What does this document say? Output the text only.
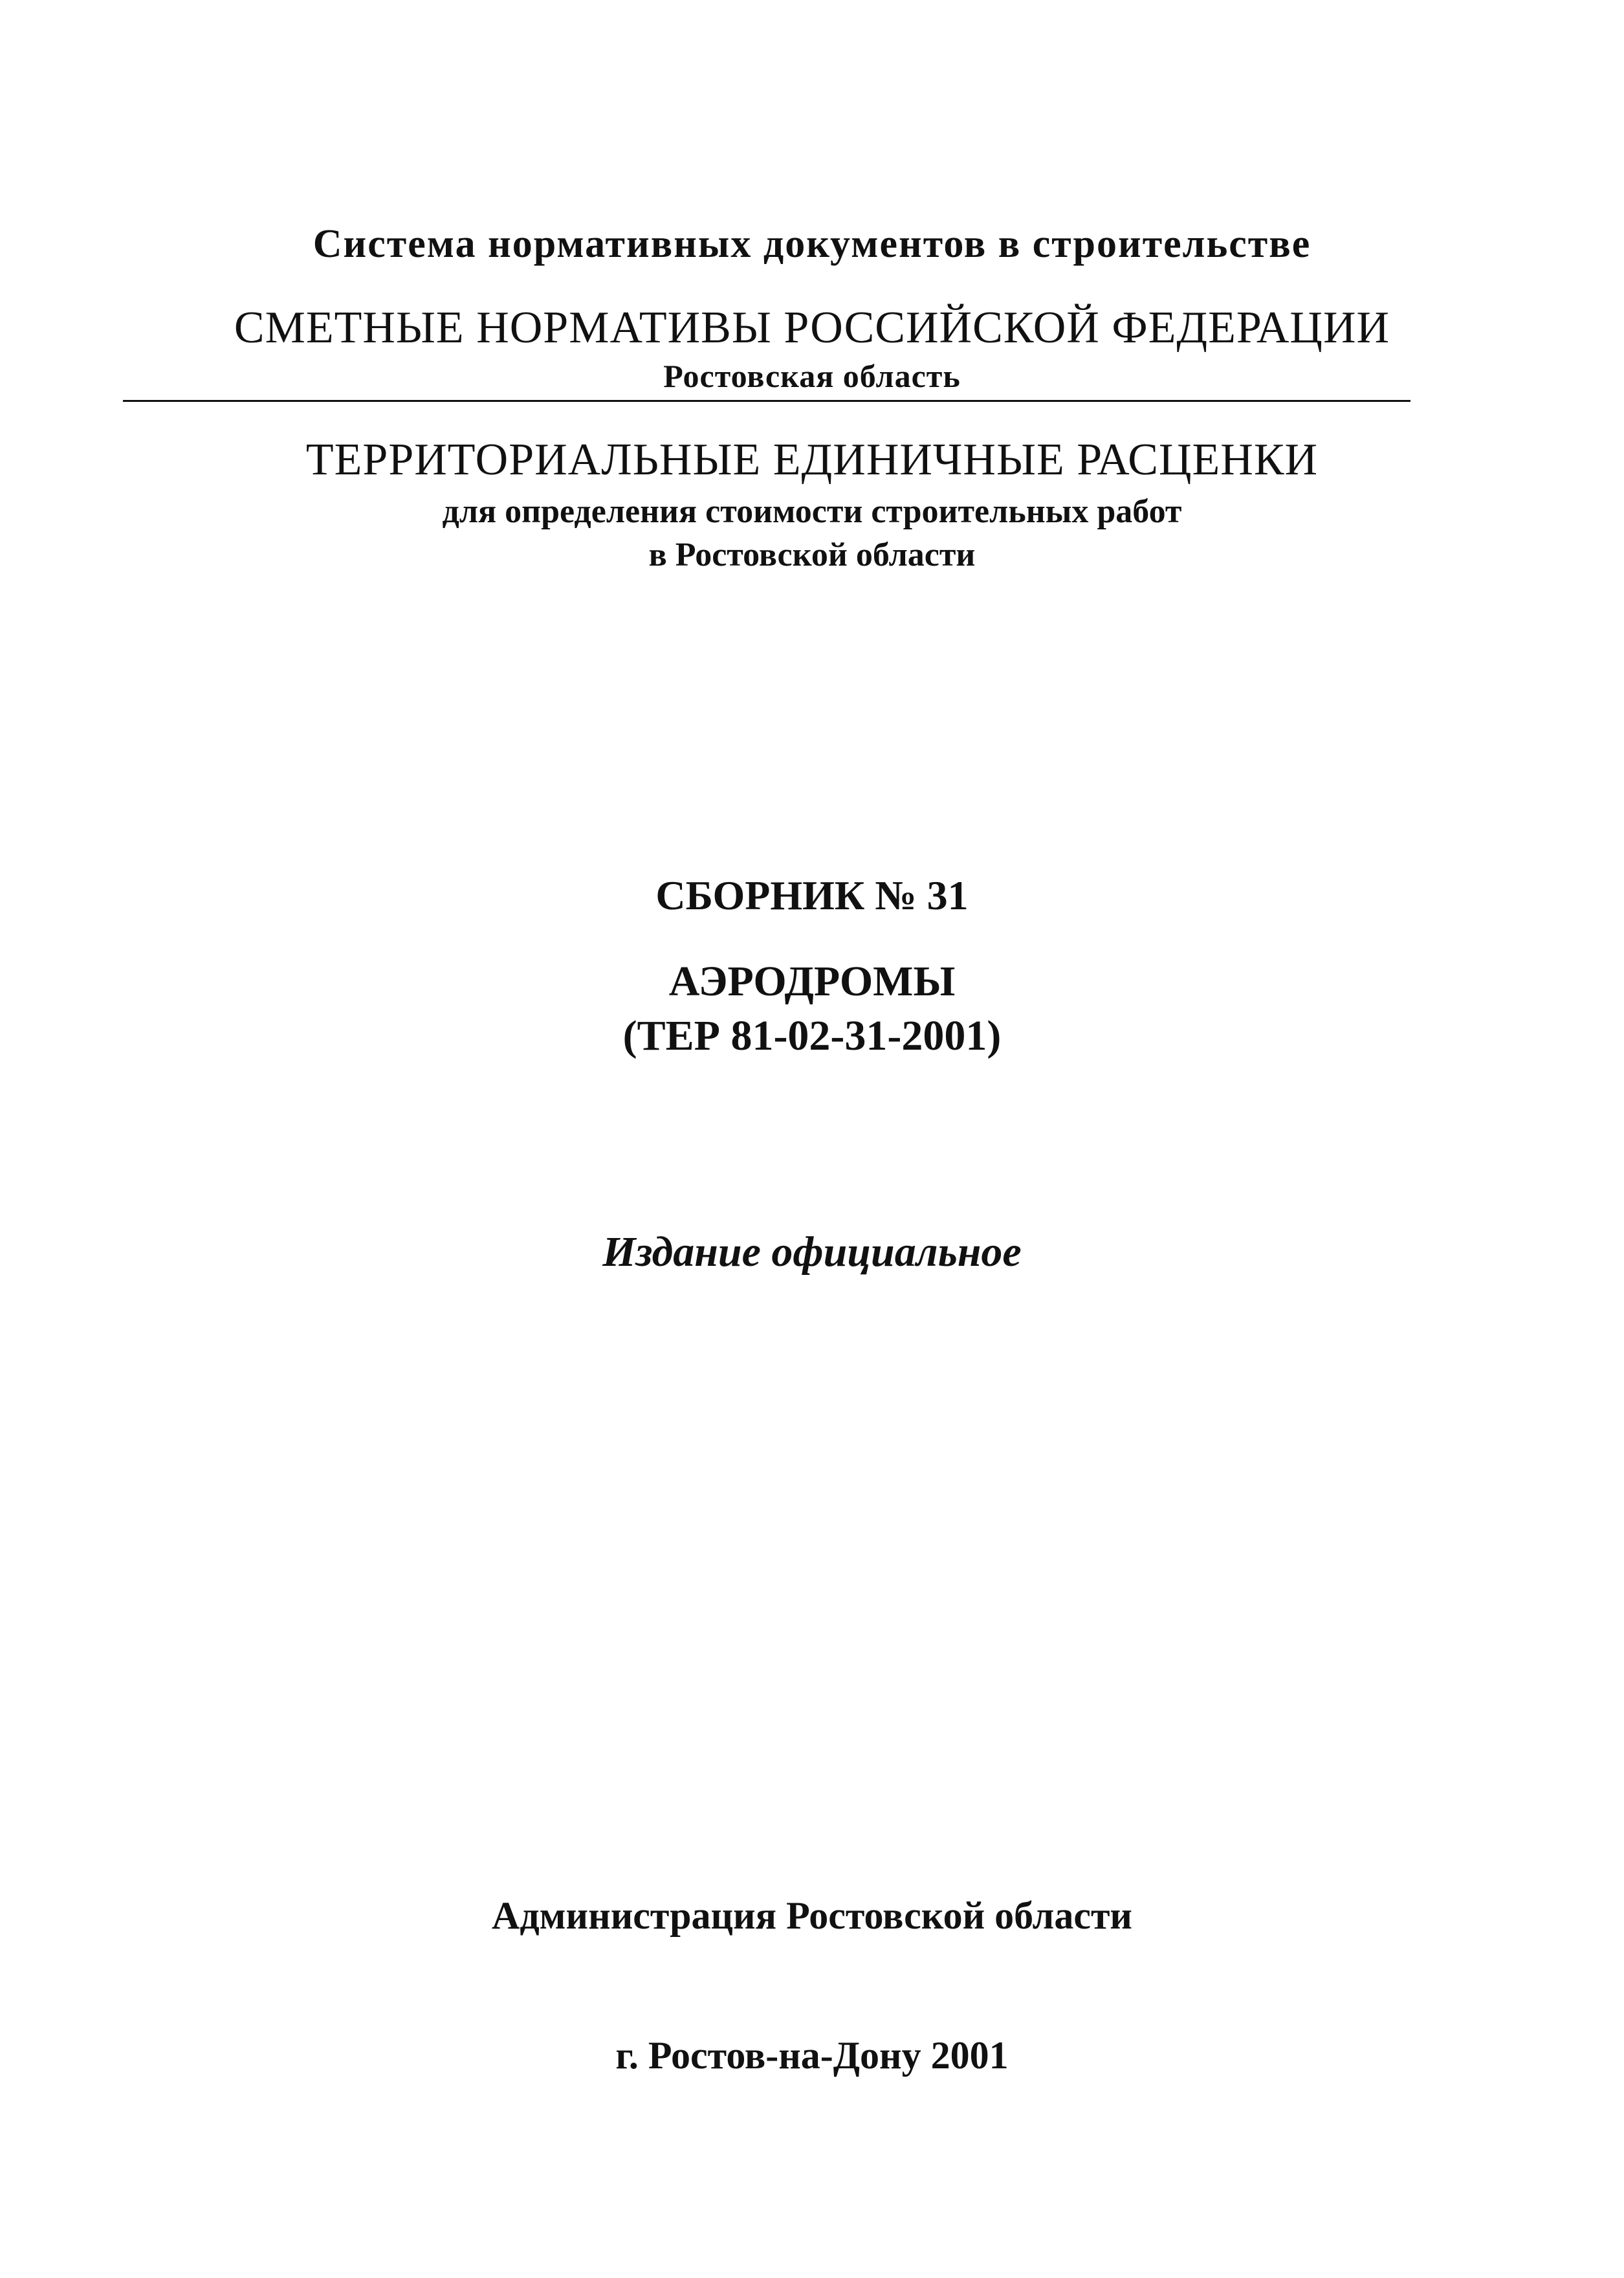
Система нормативных документов в строительстве
СМЕТНЫЕ НОРМАТИВЫ РОССИЙСКОЙ ФЕДЕРАЦИИ
Ростовская область
ТЕРРИТОРИАЛЬНЫЕ ЕДИНИЧНЫЕ РАСЦЕНКИ
для определения стоимости строительных работ
в Ростовской области
СБОРНИК № 31
АЭРОДРОМЫ
(ТЕР 81-02-31-2001)
Издание официальное
Администрация Ростовской области
г. Ростов-на-Дону 2001
